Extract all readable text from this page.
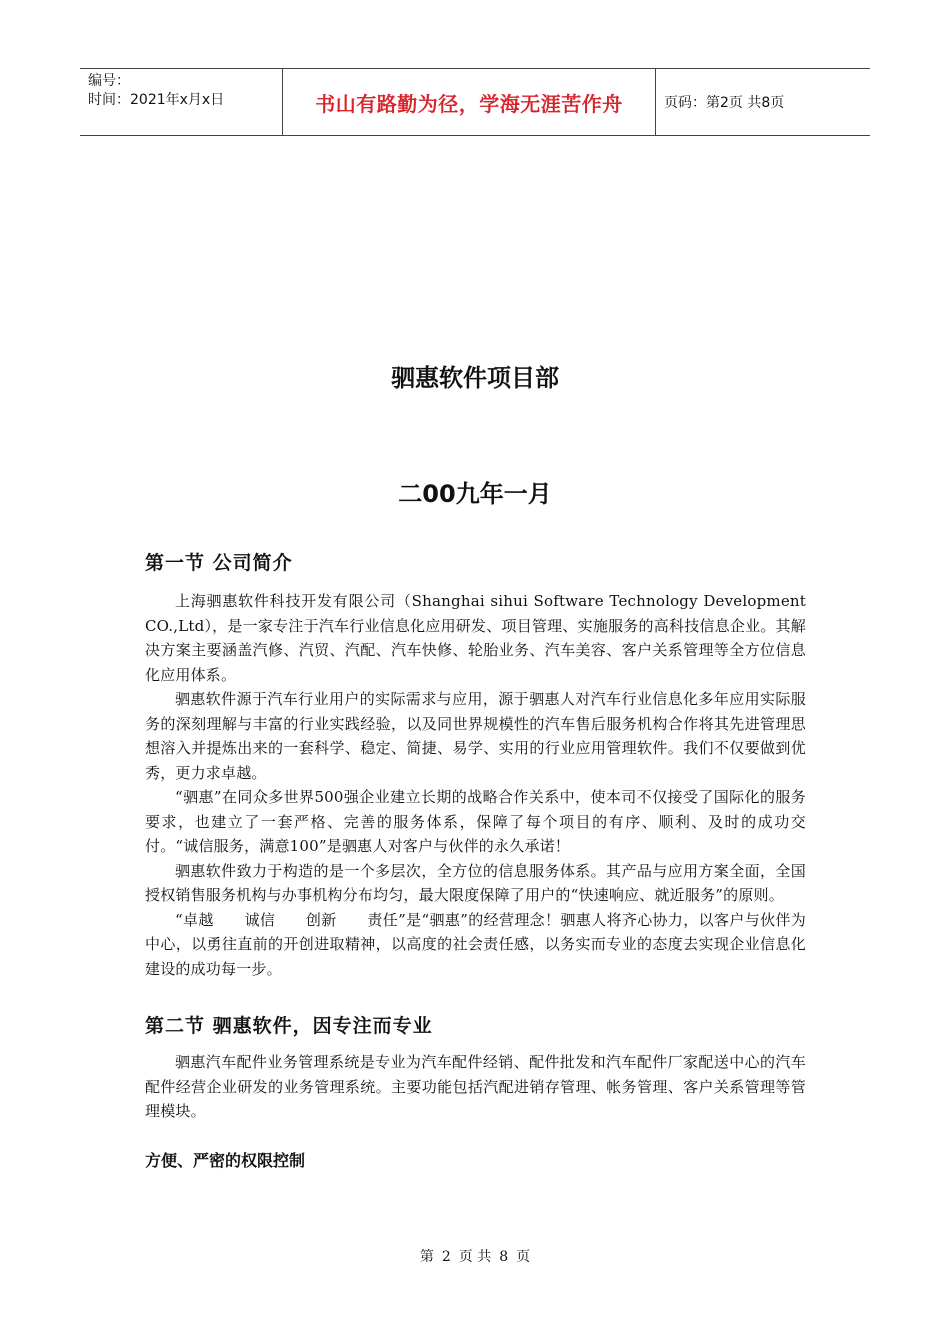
编号：
时间：2021年x月x日	书山有路勤为径，学海无涯苦作舟	页码：第2页 共8页
驷惠软件项目部
二00九年一月
第一节 公司简介

上海驷惠软件科技开发有限公司（Shanghai sihui Software Technology Development CO.,Ltd），是一家专注于汽车行业信息化应用研发、项目管理、实施服务的高科技信息企业。其解决方案主要涵盖汽修、汽贸、汽配、汽车快修、轮胎业务、汽车美容、客户关系管理等全方位信息化应用体系。

驷惠软件源于汽车行业用户的实际需求与应用，源于驷惠人对汽车行业信息化多年应用实际服务的深刻理解与丰富的行业实践经验，以及同世界规模性的汽车售后服务机构合作将其先进管理思想溶入并提炼出来的一套科学、稳定、简捷、易学、实用的行业应用管理软件。我们不仅要做到优秀，更力求卓越。

“驷惠”在同众多世界500强企业建立长期的战略合作关系中，使本司不仅接受了国际化的服务要求，也建立了一套严格、完善的服务体系，保障了每个项目的有序、顺利、及时的成功交付。“诚信服务，满意100”是驷惠人对客户与伙伴的永久承诺！

驷惠软件致力于构造的是一个多层次，全方位的信息服务体系。其产品与应用方案全面，全国授权销售服务机构与办事机构分布均匀，最大限度保障了用户的“快速响应、就近服务”的原则。

“卓越　　诚信　　创新　　责任”是“驷惠”的经营理念！驷惠人将齐心协力，以客户与伙伴为中心，以勇往直前的开创进取精神，以高度的社会责任感，以务实而专业的态度去实现企业信息化建设的成功每一步。

第二节 驷惠软件，因专注而专业

驷惠汽车配件业务管理系统是专业为汽车配件经销、配件批发和汽车配件厂家配送中心的汽车配件经营企业研发的业务管理系统。主要功能包括汽配进销存管理、帐务管理、客户关系管理等管理模块。

方便、严密的权限控制
第 2 页 共 8 页
